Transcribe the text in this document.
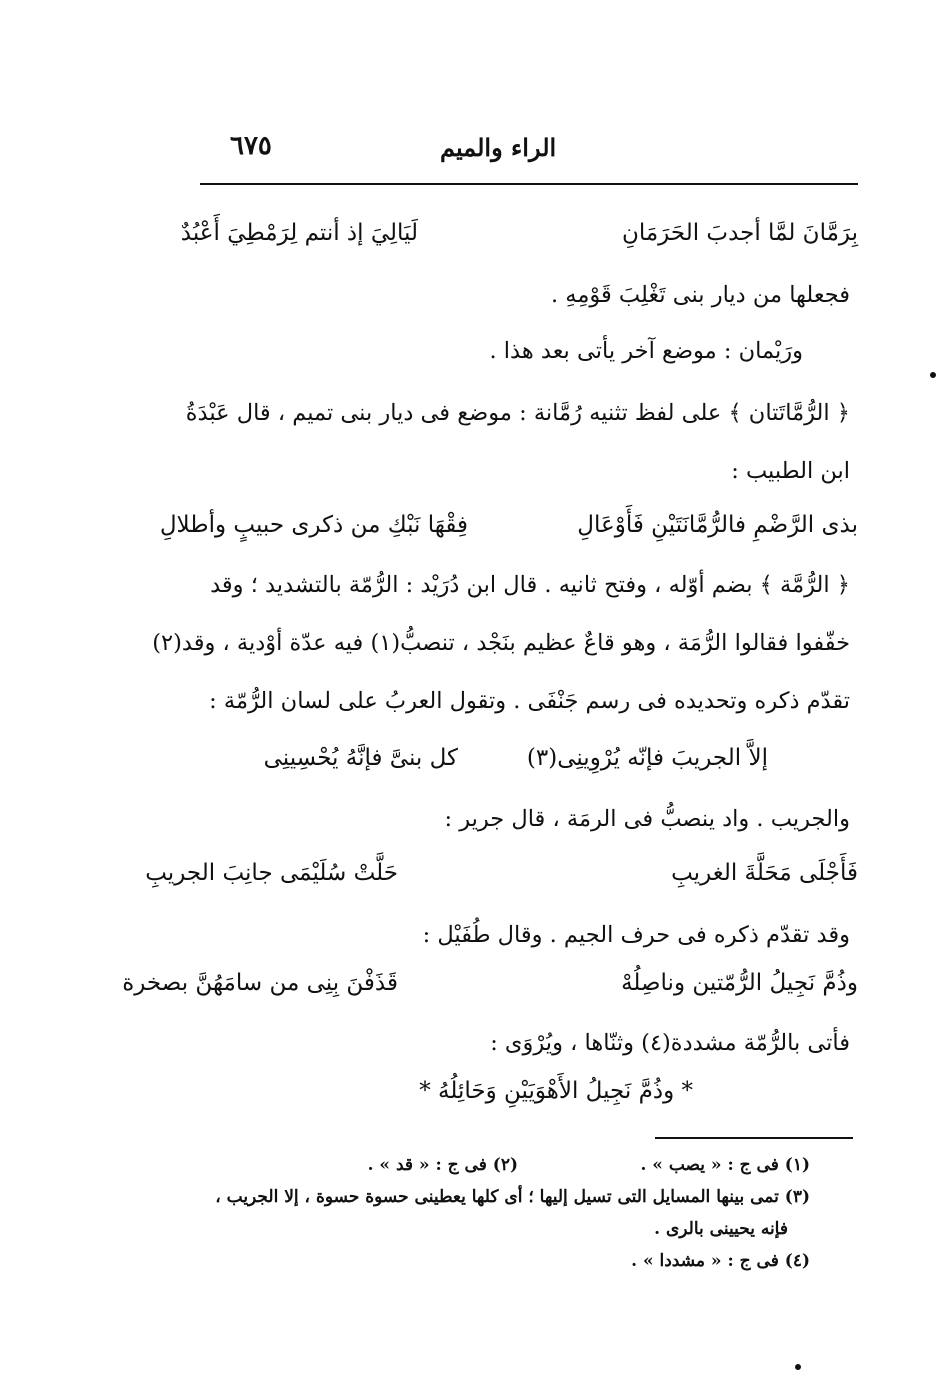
الراء والميم
٦٧٥
لَيَالِيَ إذ أنتم لِرَمْطِيَ أَعْبُدٌ	بِرَمَّانَ لمَّا أجدبَ الحَرَمَانِ
فجعلها من ديار بنى تَغْلِبَ قَوْمِهِ .
ورَيْمان : موضع آخر يأتى بعد هذا .
﴿ الرُّمَّاتَتان ﴾ على لفظ تثنيه رُمَّانة : موضع فى ديار بنى تميم ، قال عَبْدَةُ
ابن الطبيب :
فِقْهَا نَبْكِ من ذكرى حبيبٍ وأطلالِ	بذى الرَّضْمِ فالرُّمَّانَتَيْنِ فَأَوْعَالِ
﴿ الرُّمَّة ﴾ بضم أوّله ، وفتح ثانيه . قال ابن دُرَيْد : الرُّمّة بالتشديد ؛ وقد
خفّفوا فقالوا الرُّمَة ، وهو قاعٌ عظيم بنَجْد ، تنصبُّ(١) فيه عدّة أوْدية ، وقد(٢)
تقدّم ذكره وتحديده فى رسم جَنْفَى . وتقول العربُ على لسان الرُّمّة :
كل بنىَّ فإنَّهُ يُحْسِينِى	إلاَّ الجريبَ فإنّه يُرْوِينِى(٣)
والجريب . واد ينصبُّ فى الرمَة ، قال جرير :
حَلَّتْ سُلَيْمَى جانِبَ الجريبِ	فَأَجْلَى مَحَلَّةَ الغريبِ
وقد تقدّم ذكره فى حرف الجيم . وقال طُفَيْل :
قَذَفْنَ بِنِى من سامَهُنَّ بصخرة	وذُمَّ نَجِيلُ الرُّمّتين وناصِلُهْ
فأتى بالرُّمّة مشددة(٤) وثنّاها ، ويُرْوَى :
* وذُمَّ نَجِيلُ الأَهْوَيَيْنِ وَحَائِلُهُ *
(١) فى ج : « يصب » .
(٢) فى ج : « قد » .
(٣) تمى بينها المسايل التى تسيل إليها ؛ أى كلها يعطينى حسوة حسوة ، إلا الجريب ،
فإنه يحيينى بالرى .
(٤) فى ج : « مشددا » .
